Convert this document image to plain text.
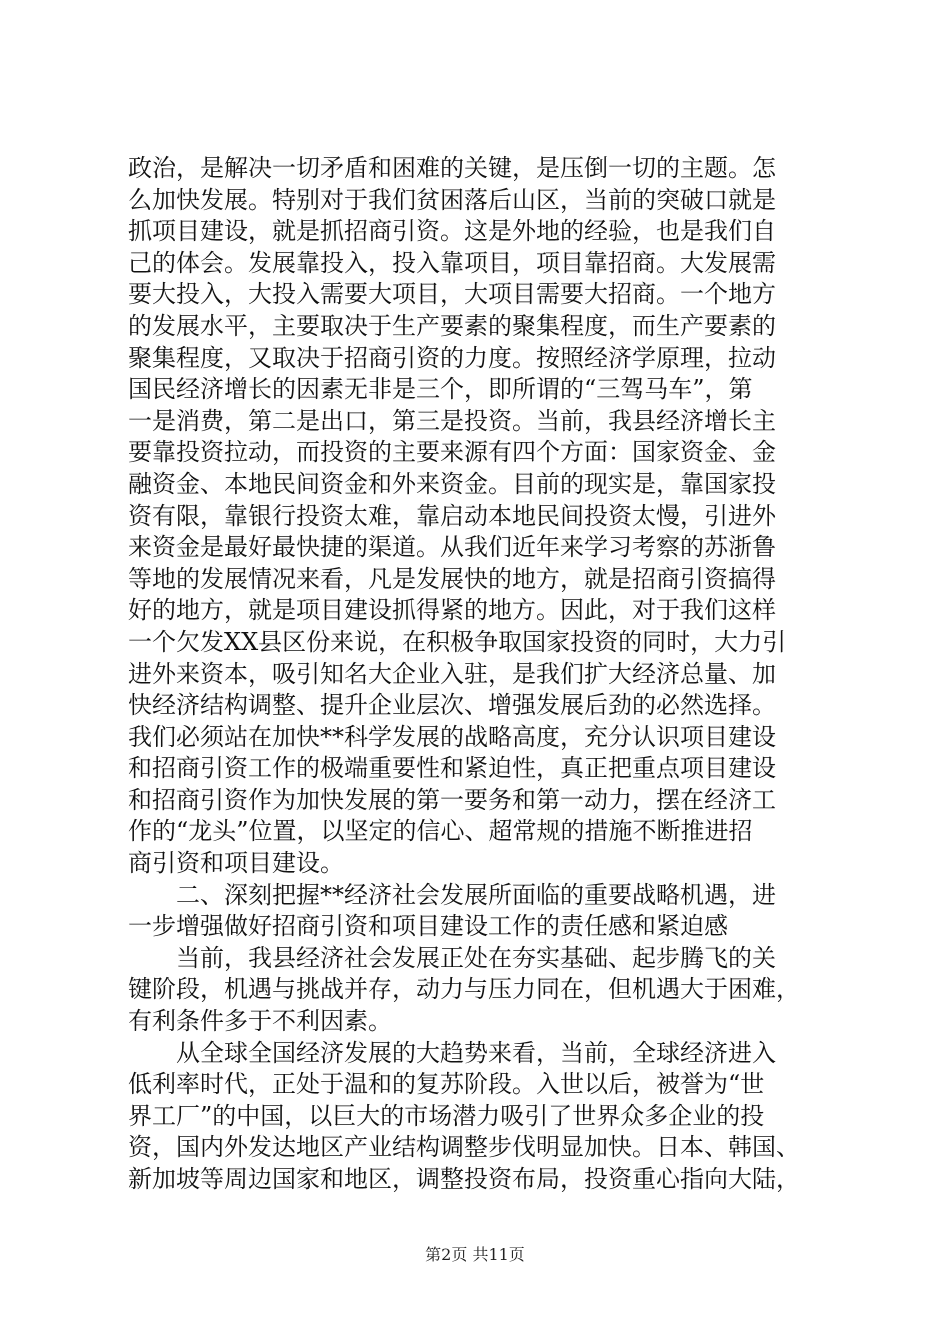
政治，是解决一切矛盾和困难的关键，是压倒一切的主题。怎
么加快发展。特别对于我们贫困落后山区，当前的突破口就是
抓项目建设，就是抓招商引资。这是外地的经验，也是我们自
己的体会。发展靠投入，投入靠项目，项目靠招商。大发展需
要大投入，大投入需要大项目，大项目需要大招商。一个地方
的发展水平，主要取决于生产要素的聚集程度，而生产要素的
聚集程度，又取决于招商引资的力度。按照经济学原理，拉动
国民经济增长的因素无非是三个，即所谓的“三驾马车”，第
一是消费，第二是出口，第三是投资。当前，我县经济增长主
要靠投资拉动，而投资的主要来源有四个方面：国家资金、金
融资金、本地民间资金和外来资金。目前的现实是，靠国家投
资有限，靠银行投资太难，靠启动本地民间投资太慢，引进外
来资金是最好最快捷的渠道。从我们近年来学习考察的苏浙鲁
等地的发展情况来看，凡是发展快的地方，就是招商引资搞得
好的地方，就是项目建设抓得紧的地方。因此，对于我们这样
一个欠发XX县区份来说，在积极争取国家投资的同时，大力引
进外来资本，吸引知名大企业入驻，是我们扩大经济总量、加
快经济结构调整、提升企业层次、增强发展后劲的必然选择。
我们必须站在加快**科学发展的战略高度，充分认识项目建设
和招商引资工作的极端重要性和紧迫性，真正把重点项目建设
和招商引资作为加快发展的第一要务和第一动力，摆在经济工
作的“龙头”位置，以坚定的信心、超常规的措施不断推进招
商引资和项目建设。
　　二、深刻把握**经济社会发展所面临的重要战略机遇，进
一步增强做好招商引资和项目建设工作的责任感和紧迫感
　　当前，我县经济社会发展正处在夯实基础、起步腾飞的关
键阶段，机遇与挑战并存，动力与压力同在，但机遇大于困难，
有利条件多于不利因素。
　　从全球全国经济发展的大趋势来看，当前，全球经济进入
低利率时代，正处于温和的复苏阶段。入世以后，被誉为“世
界工厂”的中国，以巨大的市场潜力吸引了世界众多企业的投
资，国内外发达地区产业结构调整步伐明显加快。日本、韩国、
新加坡等周边国家和地区，调整投资布局，投资重心指向大陆，
第2页 共11页
